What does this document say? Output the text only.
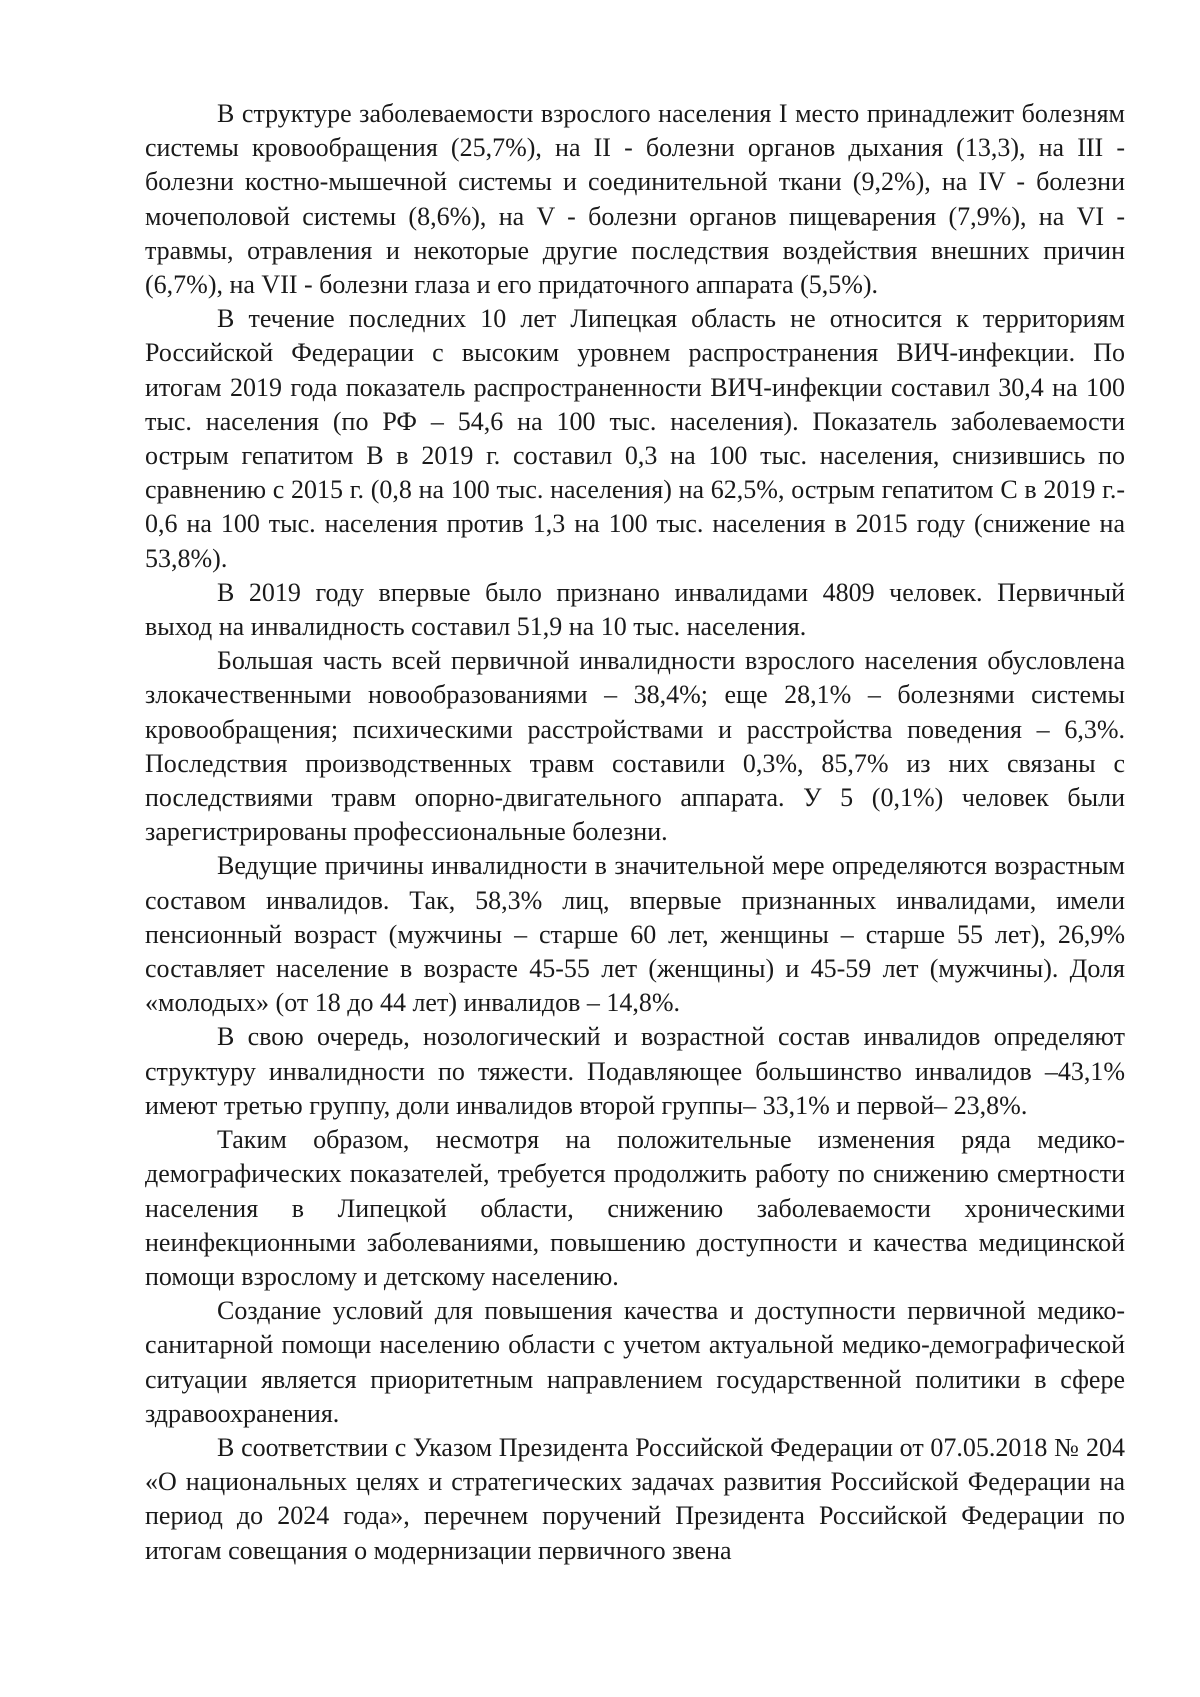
В структуре заболеваемости взрослого населения I место принадлежит болезням системы кровообращения (25,7%), на II - болезни органов дыхания (13,3), на III - болезни костно-мышечной системы и соединительной ткани (9,2%), на IV - болезни мочеполовой системы (8,6%), на V - болезни органов пищеварения (7,9%), на VI - травмы, отравления и некоторые другие последствия воздействия внешних причин (6,7%), на VII - болезни глаза и его придаточного аппарата (5,5%).

В течение последних 10 лет Липецкая область не относится к территориям Российской Федерации с высоким уровнем распространения ВИЧ-инфекции. По итогам 2019 года показатель распространенности ВИЧ-инфекции составил 30,4 на 100 тыс. населения (по РФ – 54,6 на 100 тыс. населения). Показатель заболеваемости острым гепатитом В в 2019 г. составил 0,3 на 100 тыс. населения, снизившись по сравнению с 2015 г. (0,8 на 100 тыс. населения) на 62,5%, острым гепатитом С в 2019 г.- 0,6 на 100 тыс. населения против 1,3 на 100 тыс. населения в 2015 году (снижение на 53,8%).

В 2019 году впервые было признано инвалидами 4809 человек. Первичный выход на инвалидность составил 51,9 на 10 тыс. населения.

Большая часть всей первичной инвалидности взрослого населения обусловлена злокачественными новообразованиями – 38,4%; еще 28,1% – болезнями системы кровообращения; психическими расстройствами и расстройства поведения – 6,3%. Последствия производственных травм составили 0,3%, 85,7% из них связаны с последствиями травм опорно-двигательного аппарата. У 5 (0,1%) человек были зарегистрированы профессиональные болезни.

Ведущие причины инвалидности в значительной мере определяются возрастным составом инвалидов. Так, 58,3% лиц, впервые признанных инвалидами, имели пенсионный возраст (мужчины – старше 60 лет, женщины – старше 55 лет), 26,9% составляет население в возрасте 45-55 лет (женщины) и 45-59 лет (мужчины). Доля «молодых» (от 18 до 44 лет) инвалидов – 14,8%.

В свою очередь, нозологический и возрастной состав инвалидов определяют структуру инвалидности по тяжести. Подавляющее большинство инвалидов –43,1% имеют третью группу, доли инвалидов второй группы– 33,1% и первой– 23,8%.

Таким образом, несмотря на положительные изменения ряда медико-демографических показателей, требуется продолжить работу по снижению смертности населения в Липецкой области, снижению заболеваемости хроническими неинфекционными заболеваниями, повышению доступности и качества медицинской помощи взрослому и детскому населению.

Создание условий для повышения качества и доступности первичной медико-санитарной помощи населению области с учетом актуальной медико-демографической ситуации является приоритетным направлением государственной политики в сфере здравоохранения.

В соответствии с Указом Президента Российской Федерации от 07.05.2018 № 204 «О национальных целях и стратегических задачах развития Российской Федерации на период до 2024 года», перечнем поручений Президента Российской Федерации по итогам совещания о модернизации первичного звена
